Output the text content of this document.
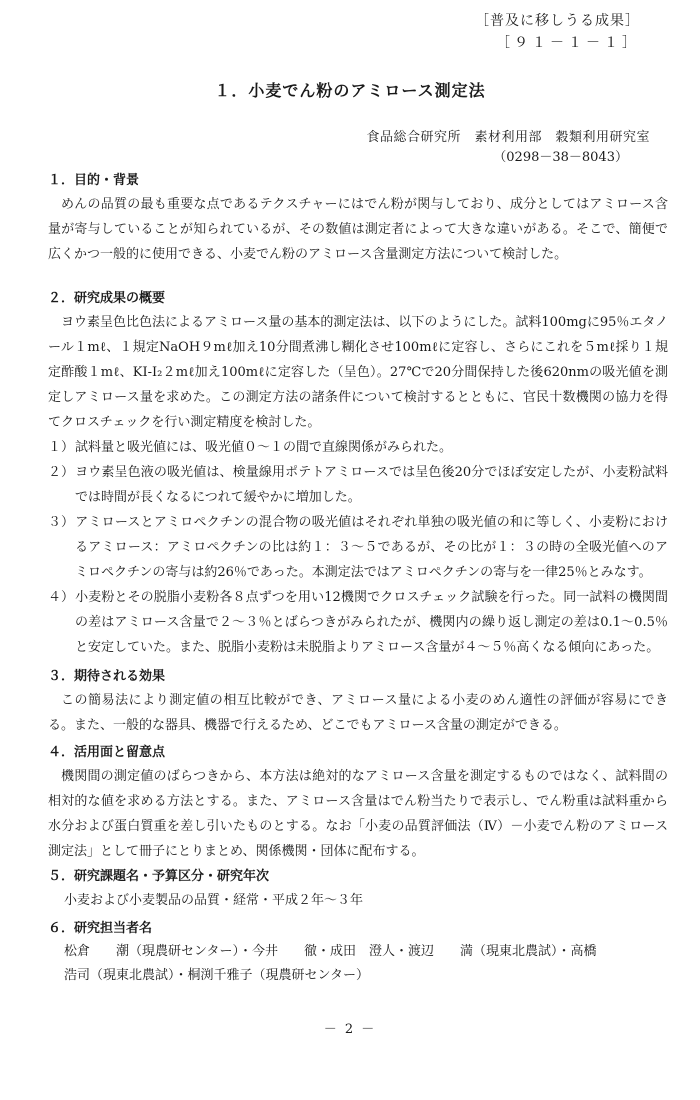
［普及に移しうる成果］
［９１－１－１］
１．小麦でん粉のアミロース測定法
食品総合研究所　素材利用部　穀類利用研究室
（0298－38－8043）
１．目的・背景

めんの品質の最も重要な点であるテクスチャーにはでん粉が関与しており、成分としてはアミロース含量が寄与していることが知られているが、その数値は測定者によって大きな違いがある。そこで、簡便で広くかつ一般的に使用できる、小麦でん粉のアミロース含量測定方法について検討した。

２．研究成果の概要

ヨウ素呈色比色法によるアミロース量の基本的測定法は、以下のようにした。試料100mgに95％エタノール１mℓ、１規定NaOH９mℓ加え10分間煮沸し糊化させ100mℓに定容し、さらにこれを５mℓ採り１規定酢酸１mℓ、KI-I₂２mℓ加え100mℓに定容した（呈色）。27℃で20分間保持した後620nmの吸光値を測定しアミロース量を求めた。この測定方法の諸条件について検討するとともに、官民十数機関の協力を得てクロスチェックを行い測定精度を検討した。

１）試料量と吸光値には、吸光値０～１の間で直線関係がみられた。
２）ヨウ素呈色液の吸光値は、検量線用ポテトアミロースでは呈色後20分でほぼ安定したが、小麦粉試料では時間が長くなるにつれて緩やかに増加した。
３）アミロースとアミロペクチンの混合物の吸光値はそれぞれ単独の吸光値の和に等しく、小麦粉におけるアミロース：アミロペクチンの比は約１：３～５であるが、その比が１：３の時の全吸光値へのアミロペクチンの寄与は約26％であった。本測定法ではアミロペクチンの寄与を一律25％とみなす。
４）小麦粉とその脱脂小麦粉各８点ずつを用い12機関でクロスチェック試験を行った。同一試料の機関間の差はアミロース含量で２～３％とばらつきがみられたが、機関内の繰り返し測定の差は0.1～0.5％と安定していた。また、脱脂小麦粉は未脱脂よりアミロース含量が４～５％高くなる傾向にあった。
３．期待される効果

この簡易法により測定値の相互比較ができ、アミロース量による小麦のめん適性の評価が容易にできる。また、一般的な器具、機器で行えるため、どこでもアミロース含量の測定ができる。

４．活用面と留意点

機関間の測定値のばらつきから、本方法は絶対的なアミロース含量を測定するものではなく、試料間の相対的な値を求める方法とする。また、アミロース含量はでん粉当たりで表示し、でん粉重は試料重から水分および蛋白質重を差し引いたものとする。なお「小麦の品質評価法（Ⅳ）－小麦でん粉のアミロース測定法」として冊子にとりまとめ、関係機関・団体に配布する。

５．研究課題名・予算区分・研究年次
小麦および小麦製品の品質・経常・平成２年～３年
６．研究担当者名
松倉　　潮（現農研センター）・今井　　徹・成田　澄人・渡辺　　満（現東北農試）・高橋
浩司（現東北農試）・桐渕千雅子（現農研センター）
－ 2 －
